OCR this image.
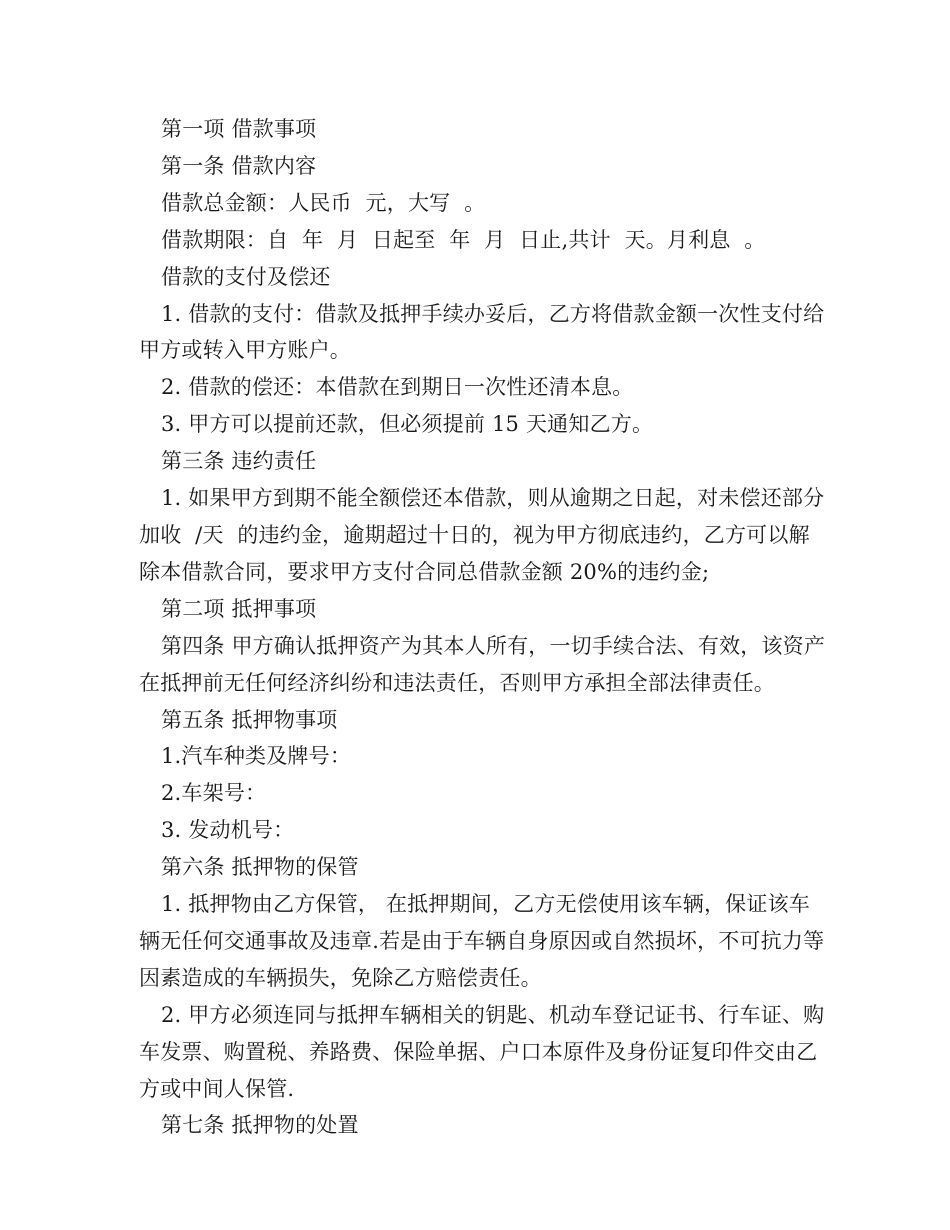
第一项 借款事项

第一条 借款内容

借款总金额：人民币  元，大写  。

借款期限：自  年  月  日起至  年  月  日止,共计  天。月利息  。

借款的支付及偿还

1. 借款的支付：借款及抵押手续办妥后，乙方将借款金额一次性支付给甲方或转入甲方账户。

2. 借款的偿还：本借款在到期日一次性还清本息。

3. 甲方可以提前还款，但必须提前 15 天通知乙方。

第三条 违约责任

1. 如果甲方到期不能全额偿还本借款，则从逾期之日起，对未偿还部分加收  /天  的违约金，逾期超过十日的，视为甲方彻底违约，乙方可以解除本借款合同，要求甲方支付合同总借款金额 20%的违约金;

第二项 抵押事项

第四条 甲方确认抵押资产为其本人所有，一切手续合法、有效，该资产在抵押前无任何经济纠纷和违法责任，否则甲方承担全部法律责任。

第五条 抵押物事项

1.汽车种类及牌号：

2.车架号：

3. 发动机号：

第六条 抵押物的保管

1. 抵押物由乙方保管， 在抵押期间，乙方无偿使用该车辆，保证该车辆无任何交通事故及违章.若是由于车辆自身原因或自然损坏，不可抗力等因素造成的车辆损失，免除乙方赔偿责任。

2. 甲方必须连同与抵押车辆相关的钥匙、机动车登记证书、行车证、购车发票、购置税、养路费、保险单据、户口本原件及身份证复印件交由乙方或中间人保管.

第七条 抵押物的处置
